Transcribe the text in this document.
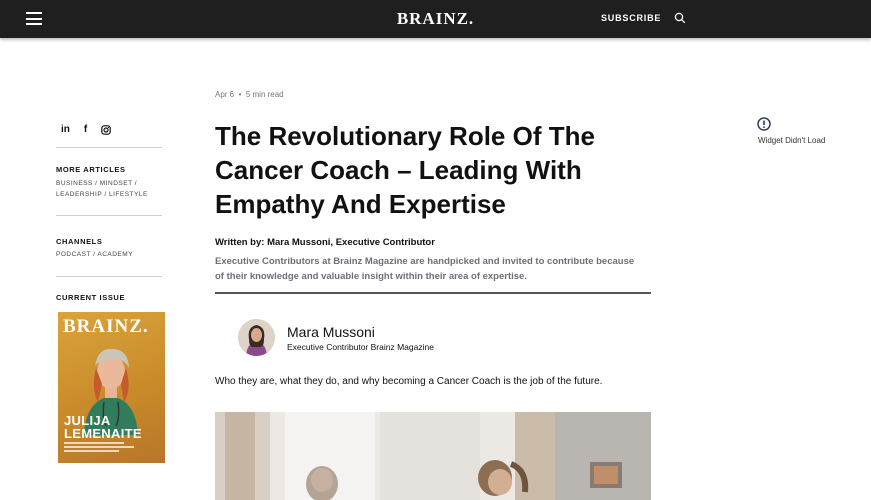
BRAINZ.	SUBSCRIBE
in f
MORE ARTICLES
BUSINESS / MINDSET /
LEADERSHIP / LIFESTYLE
CHANNELS
PODCAST / ACADEMY
CURRENT ISSUE
BRAINZ.
JULIJA
LEMENAITE
Apr 6  •  5 min read
The Revolutionary Role Of The Cancer Coach – Leading With Empathy And Expertise
Written by: Mara Mussoni, Executive Contributor
Executive Contributors at Brainz Magazine are handpicked and invited to contribute because of their knowledge and valuable insight within their area of expertise.
Mara Mussoni
Executive Contributor Brainz Magazine
Who they are, what they do, and why becoming a Cancer Coach is the job of the future.
Widget Didn't Load
